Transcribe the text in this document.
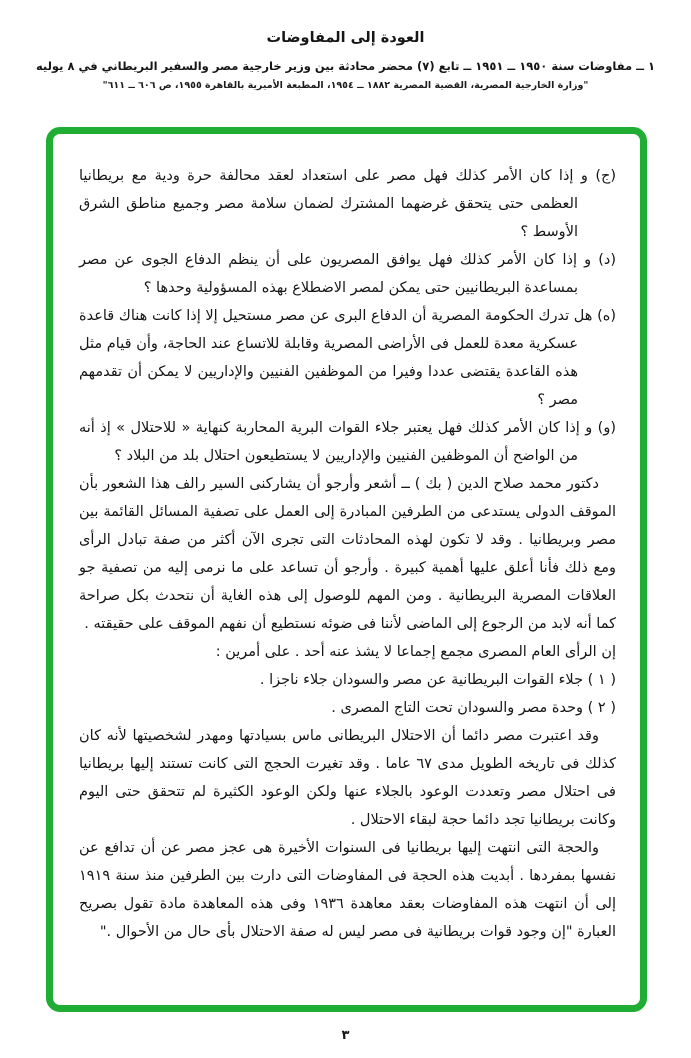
العودة إلى المفاوضات
١ ــ مفاوضات سنة ١٩٥٠ ــ ١٩٥١ ــ تابع (٧) محضر محادثة بين وزير خارجية مصر والسفير البريطاني في ٨ يوليه
"وزارة الخارجية المصرية، القضية المصرية ١٨٨٢ ــ ١٩٥٤، المطبعة الأميرية بالقاهرة ١٩٥٥، ص ٦٠٦ ــ ٦١١"

(ج) و إذا كان الأمر كذلك فهل مصر على استعداد لعقد محالفة حرة ودية مع بريطانيا العظمى حتى يتحقق غرضهما المشترك لضمان سلامة مصر وجميع مناطق الشرق الأوسط ؟

(د) و إذا كان الأمر كذلك فهل يوافق المصريون على أن ينظم الدفاع الجوى عن مصر بمساعدة البريطانيين حتى يمكن لمصر الاضطلاع بهذه المسؤولية وحدها ؟

(ه) هل تدرك الحكومة المصرية أن الدفاع البرى عن مصر مستحيل إلا إذا كانت هناك قاعدة عسكرية معدة للعمل فى الأراضى المصرية وقابلة للاتساع عند الحاجة، وأن قيام مثل هذه القاعدة يقتضى عددا وفيرا من الموظفين الفنيين والإداريين لا يمكن أن تقدمهم مصر ؟

(و) و إذا كان الأمر كذلك فهل يعتبر جلاء القوات البرية المحاربة كنهاية « للاحتلال » إذ أنه من الواضح أن الموظفين الفنيين والإداريين لا يستطيعون احتلال بلد من البلاد ؟

دكتور محمد صلاح الدين ( بك ) ــ أشعر وأرجو أن يشاركنى السير رالف هذا الشعور بأن الموقف الدولى يستدعى من الطرفين المبادرة إلى العمل على تصفية المسائل القائمة بين مصر وبريطانيا . وقد لا تكون لهذه المحادثات التى تجرى الآن أكثر من صفة تبادل الرأى ومع ذلك فأنا أعلق عليها أهمية كبيرة . وأرجو أن تساعد على ما نرمى إليه من تصفية جو العلاقات المصرية البريطانية . ومن المهم للوصول إلى هذه الغاية أن نتحدث بكل صراحة كما أنه لابد من الرجوع إلى الماضى لأننا فى ضوئه نستطيع أن نفهم الموقف على حقيقته .

إن الرأى العام المصرى مجمع إجماعا لا يشذ عنه أحد . على أمرين :

( ١ ) جلاء القوات البريطانية عن مصر والسودان جلاء ناجزا .

( ٢ ) وحدة مصر والسودان تحت التاج المصرى .

وقد اعتبرت مصر دائما أن الاحتلال البريطانى ماس بسيادتها ومهدر لشخصيتها لأنه كان كذلك فى تاريخه الطويل مدى ٦٧ عاما . وقد تغيرت الحجج التى كانت تستند إليها بريطانيا فى احتلال مصر وتعددت الوعود بالجلاء عنها ولكن الوعود الكثيرة لم تتحقق حتى اليوم وكانت بريطانيا تجد دائما حجة لبقاء الاحتلال .

والحجة التى انتهت إليها بريطانيا فى السنوات الأخيرة هى عجز مصر عن أن تدافع عن نفسها بمفردها . أبديت هذه الحجة فى المفاوضات التى دارت بين الطرفين منذ سنة ١٩١٩ إلى أن انتهت هذه المفاوضات بعقد معاهدة ١٩٣٦ وفى هذه المعاهدة مادة تقول بصريح العبارة "إن وجود قوات بريطانية فى مصر ليس له صفة الاحتلال بأى حال من الأحوال ."

٣
